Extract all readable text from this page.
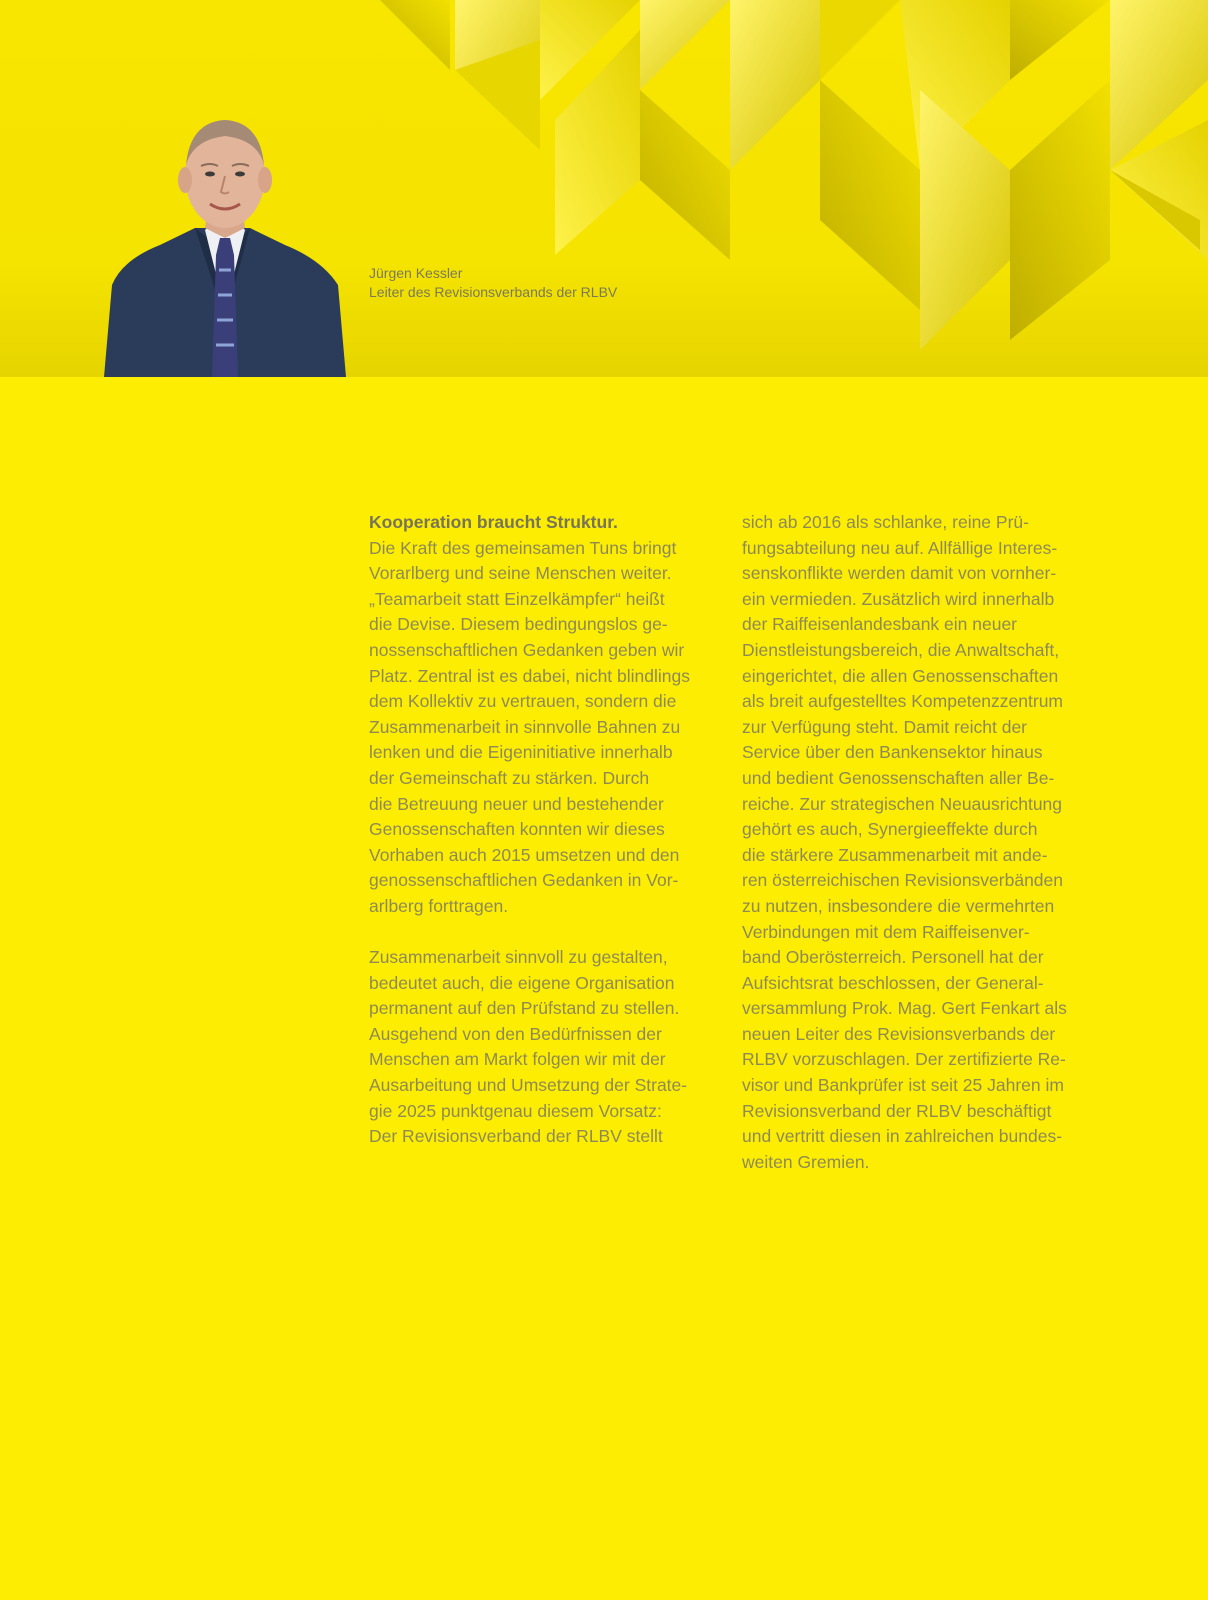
Jürgen Kessler
Leiter des Revisionsverbands der RLBV
Kooperation braucht Struktur.
Die Kraft des gemeinsamen Tuns bringt
Vorarlberg und seine Menschen weiter.
„Teamarbeit statt Einzelkämpfer“ heißt
die Devise. Diesem bedingungslos ge-
nossenschaftlichen Gedanken geben wir
Platz. Zentral ist es dabei, nicht blindlings
dem Kollektiv zu vertrauen, sondern die
Zusammenarbeit in sinnvolle Bahnen zu
lenken und die Eigeninitiative innerhalb
der Gemeinschaft zu stärken. Durch
die Betreuung neuer und bestehender
Genossenschaften konnten wir dieses
Vorhaben auch 2015 umsetzen und den
genossenschaftlichen Gedanken in Vor-
arlberg forttragen.
Zusammenarbeit sinnvoll zu gestalten,
bedeutet auch, die eigene Organisation
permanent auf den Prüfstand zu stellen.
Ausgehend von den Bedürfnissen der
Menschen am Markt folgen wir mit der
Ausarbeitung und Umsetzung der Strate-
gie 2025 punktgenau diesem Vorsatz:
Der Revisionsverband der RLBV stellt
sich ab 2016 als schlanke, reine Prü-
fungsabteilung neu auf. Allfällige Interes-
senskonflikte werden damit von vornher-
ein vermieden. Zusätzlich wird innerhalb
der Raiffeisenlandesbank ein neuer
Dienstleistungsbereich, die Anwaltschaft,
eingerichtet, die allen Genossenschaften
als breit aufgestelltes Kompetenzzentrum
zur Verfügung steht. Damit reicht der
Service über den Bankensektor hinaus
und bedient Genossenschaften aller Be-
reiche. Zur strategischen Neuausrichtung
gehört es auch, Synergieeffekte durch
die stärkere Zusammenarbeit mit ande-
ren österreichischen Revisionsverbänden
zu nutzen, insbesondere die vermehrten
Verbindungen mit dem Raiffeisenver-
band Oberösterreich. Personell hat der
Aufsichtsrat beschlossen, der General-
versammlung Prok. Mag. Gert Fenkart als
neuen Leiter des Revisionsverbands der
RLBV vorzuschlagen. Der zertifizierte Re-
visor und Bankprüfer ist seit 25 Jahren im
Revisionsverband der RLBV beschäftigt
und vertritt diesen in zahlreichen bundes-
weiten Gremien.
